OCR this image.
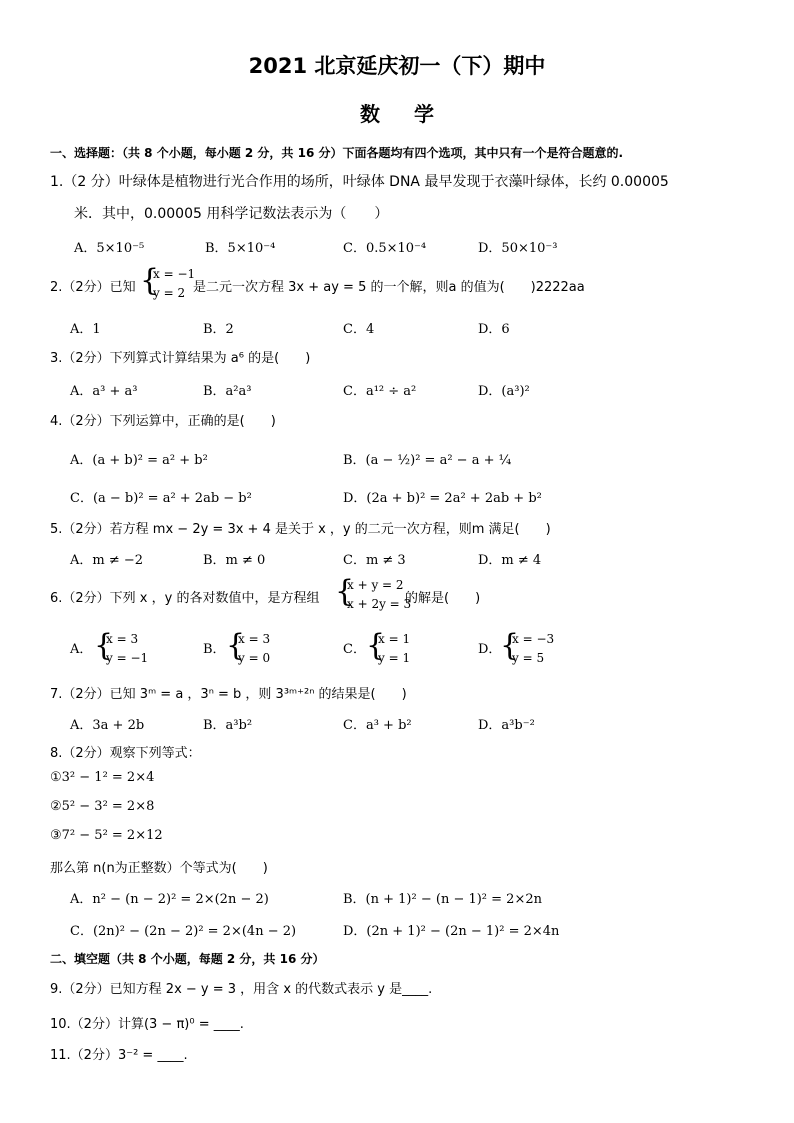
2021 北京延庆初一（下）期中
数学
一、选择题：（共 8 个小题，每小题 2 分，共 16 分）下面各题均有四个选项，其中只有一个是符合题意的.
1.（2 分）叶绿体是植物进行光合作用的场所，叶绿体 DNA 最早发现于衣藻叶绿体，长约 0.00005
米．其中，0.00005 用科学记数法表示为（　　）
A．5×10⁻⁵	B．5×10⁻⁴	C．0.5×10⁻⁴	D．50×10⁻³
2.（2分）已知 {
x = −1
y = 2 是二元一次方程 3x + ay = 5 的一个解，则a 的值为(　　)2222aa
A．1	B．2	C．4	D．6
3.（2分）下列算式计算结果为 a⁶ 的是(　　)
A．a³ + a³	B．a²a³	C．a¹² ÷ a²	D．(a³)²
4.（2分）下列运算中，正确的是(　　)
A．(a + b)² = a² + b²	B．(a − ½)² = a² − a + ¼
C．(a − b)² = a² + 2ab − b²	D．(2a + b)² = 2a² + 2ab + b²
5.（2分）若方程 mx − 2y = 3x + 4 是关于 x ，y 的二元一次方程，则m 满足(　　)
A．m ≠ −2	B．m ≠ 0	C．m ≠ 3	D．m ≠ 4
6.（2分）下列 x ，y 的各对数值中，是方程组 {
x + y = 2
x + 2y = 3
的解是(　　)
A． {
x = 3
y = −1
B． {
x = 3
y = 0
C． {
x = 1
y = 1
D．
{
x = −3
y = 5
7.（2分）已知 3ᵐ = a ，3ⁿ = b ，则 3³ᵐ⁺²ⁿ 的结果是(　　)
A．3a + 2b	B．a³b²	C．a³ + b²	D．a³b⁻²
8.（2分）观察下列等式：
①3² − 1² = 2×4
②5² − 3² = 2×8
③7² − 5² = 2×12
那么第 n(n为正整数）个等式为(　　)
A．n² − (n − 2)² = 2×(2n − 2)	B．(n + 1)² − (n − 1)² = 2×2n
C．(2n)² − (2n − 2)² = 2×(4n − 2)	D．(2n + 1)² − (2n − 1)² = 2×4n
二、填空题（共 8 个小题，每题 2 分，共 16 分）
9.（2分）已知方程 2x − y = 3 ，用含 x 的代数式表示 y 是____.
10.（2分）计算(3 − π)⁰ = ____.
11.（2分）3⁻² = ____.
